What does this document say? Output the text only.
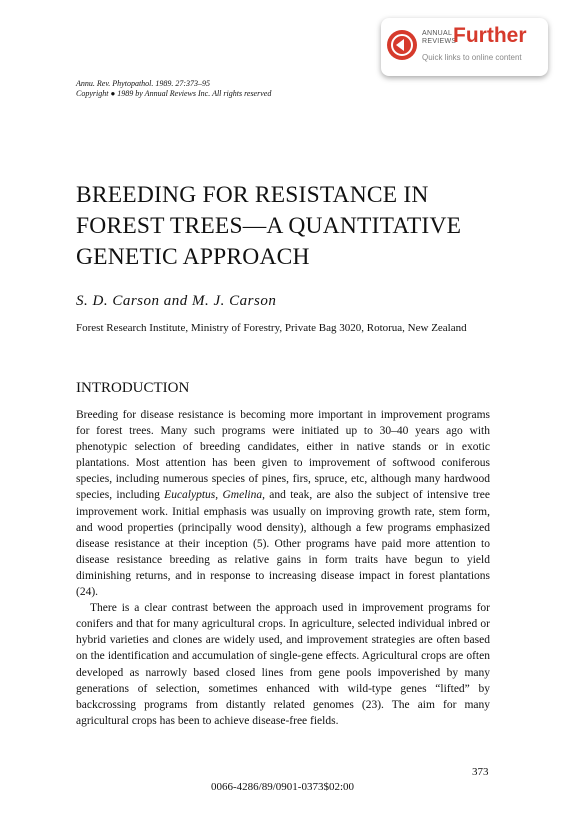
ANNUAL
REVIEWS
Further
Quick links to online content
Annu. Rev. Phytopathol. 1989. 27:373–95
Copyright ● 1989 by Annual Reviews Inc. All rights reserved
BREEDING FOR RESISTANCE IN
FOREST TREES—A QUANTITATIVE
GENETIC APPROACH
S. D. Carson and M. J. Carson
Forest Research Institute, Ministry of Forestry, Private Bag 3020, Rotorua, New Zealand
INTRODUCTION

Breeding for disease resistance is becoming more important in improvement programs for forest trees. Many such programs were initiated up to 30–40 years ago with phenotypic selection of breeding candidates, either in native stands or in exotic plantations. Most attention has been given to improvement of softwood coniferous species, including numerous species of pines, firs, spruce, etc, although many hardwood species, including Eucalyptus, Gmelina, and teak, are also the subject of intensive tree improvement work. Initial emphasis was usually on improving growth rate, stem form, and wood properties (principally wood density), although a few programs emphasized disease resistance at their inception (5). Other programs have paid more attention to disease resistance breeding as relative gains in form traits have begun to yield diminishing returns, and in response to increasing disease impact in forest plantations (24).

There is a clear contrast between the approach used in improvement programs for conifers and that for many agricultural crops. In agriculture, selected individual inbred or hybrid varieties and clones are widely used, and improvement strategies are often based on the identification and accumulation of single-gene effects. Agricultural crops are often developed as narrowly based closed lines from gene pools impoverished by many generations of selection, sometimes enhanced with wild-type genes “lifted” by backcrossing programs from distantly related genomes (23). The aim for many agricultural crops has been to achieve disease-free fields.

373
0066-4286/89/0901-0373$02:00
